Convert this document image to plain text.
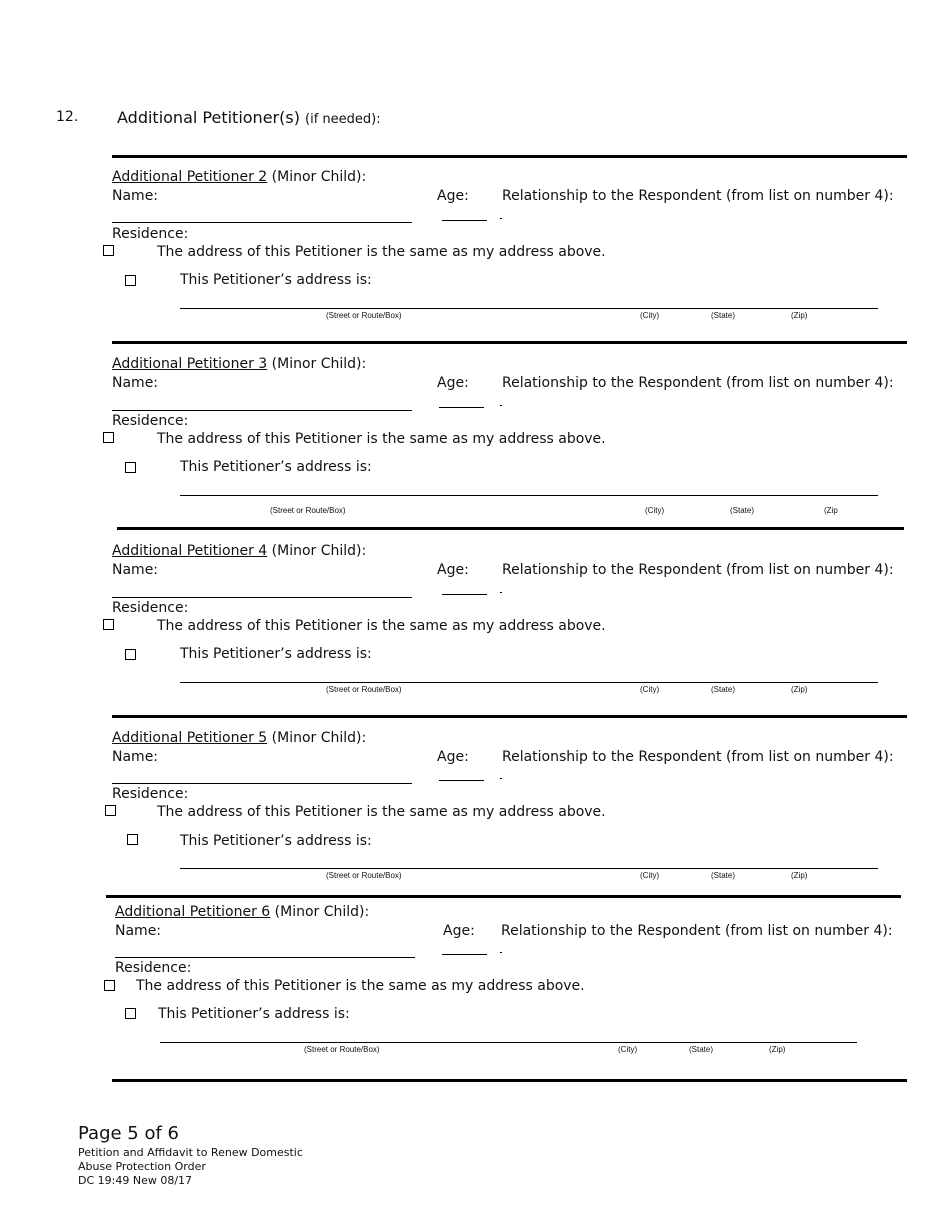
12. Additional Petitioner(s) (if needed):
Additional Petitioner 2 (Minor Child):
Name:	Age: Relationship to the Respondent (from list on number 4):
Residence:
The address of this Petitioner is the same as my address above.
This Petitioner’s address is:
(Street or Route/Box)	(City)	(State)	(Zip)
Additional Petitioner 3 (Minor Child):
Name:	Age: Relationship to the Respondent (from list on number 4):
Residence:
The address of this Petitioner is the same as my address above.
This Petitioner’s address is:
(Street or Route/Box)	(City)	(State)	(Zip
Additional Petitioner 4 (Minor Child):
Name:	Age: Relationship to the Respondent (from list on number 4):
Residence:
The address of this Petitioner is the same as my address above.
This Petitioner’s address is:
(Street or Route/Box)	(City)	(State)	(Zip)
Additional Petitioner 5 (Minor Child):
Name:	Age: Relationship to the Respondent (from list on number 4):
Residence:
The address of this Petitioner is the same as my address above.
This Petitioner’s address is:
(Street or Route/Box)	(City)	(State)	(Zip)
Additional Petitioner 6 (Minor Child):
Name:	Age: Relationship to the Respondent (from list on number 4):
Residence:
The address of this Petitioner is the same as my address above.
This Petitioner’s address is:
(Street or Route/Box)	(City)	(State)	(Zip)
Page 5 of 6
Petition and Affidavit to Renew Domestic
Abuse Protection Order
DC 19:49 New 08/17
